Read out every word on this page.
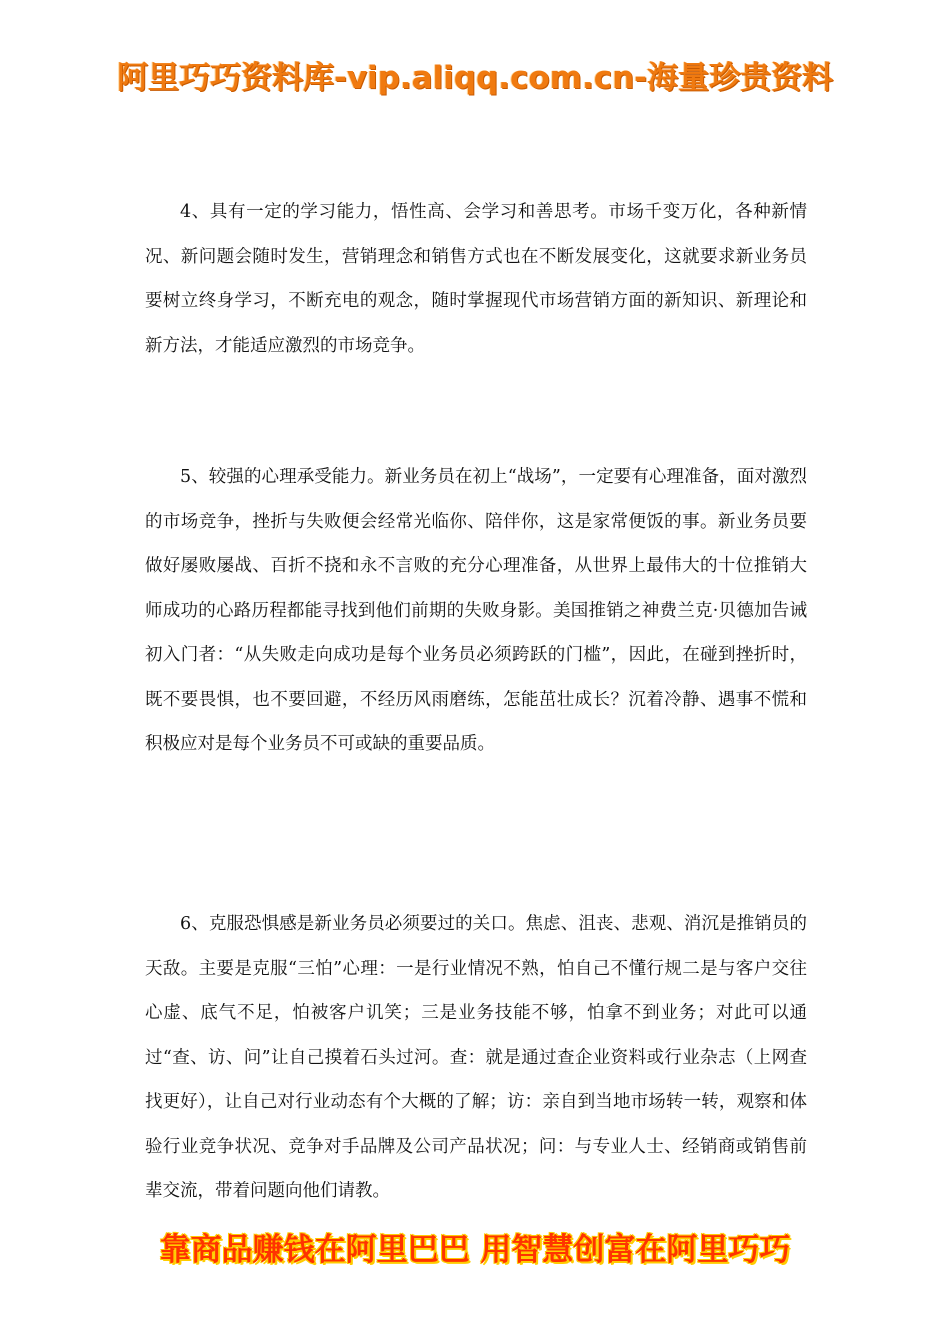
阿里巧巧资料库-vip.aliqq.com.cn-海量珍贵资料

4、具有一定的学习能力，悟性高、会学习和善思考。市场千变万化，各种新情况、新问题会随时发生，营销理念和销售方式也在不断发展变化，这就要求新业务员要树立终身学习，不断充电的观念，随时掌握现代市场营销方面的新知识、新理论和新方法，才能适应激烈的市场竞争。

5、较强的心理承受能力。新业务员在初上“战场”，一定要有心理准备，面对激烈的市场竞争，挫折与失败便会经常光临你、陪伴你，这是家常便饭的事。新业务员要做好屡败屡战、百折不挠和永不言败的充分心理准备，从世界上最伟大的十位推销大师成功的心路历程都能寻找到他们前期的失败身影。美国推销之神费兰克·贝德加告诫初入门者：“从失败走向成功是每个业务员必须跨跃的门槛”，因此，在碰到挫折时，既不要畏惧，也不要回避，不经历风雨磨练，怎能茁壮成长？沉着冷静、遇事不慌和积极应对是每个业务员不可或缺的重要品质。

6、克服恐惧感是新业务员必须要过的关口。焦虑、沮丧、悲观、消沉是推销员的天敌。主要是克服“三怕”心理：一是行业情况不熟，怕自己不懂行规二是与客户交往心虚、底气不足，怕被客户讥笑；三是业务技能不够，怕拿不到业务；对此可以通过“查、访、问”让自己摸着石头过河。查：就是通过查企业资料或行业杂志（上网查找更好），让自己对行业动态有个大概的了解；访：亲自到当地市场转一转，观察和体验行业竞争状况、竞争对手品牌及公司产品状况；问：与专业人士、经销商或销售前辈交流，带着问题向他们请教。

靠商品赚钱在阿里巴巴 用智慧创富在阿里巧巧
